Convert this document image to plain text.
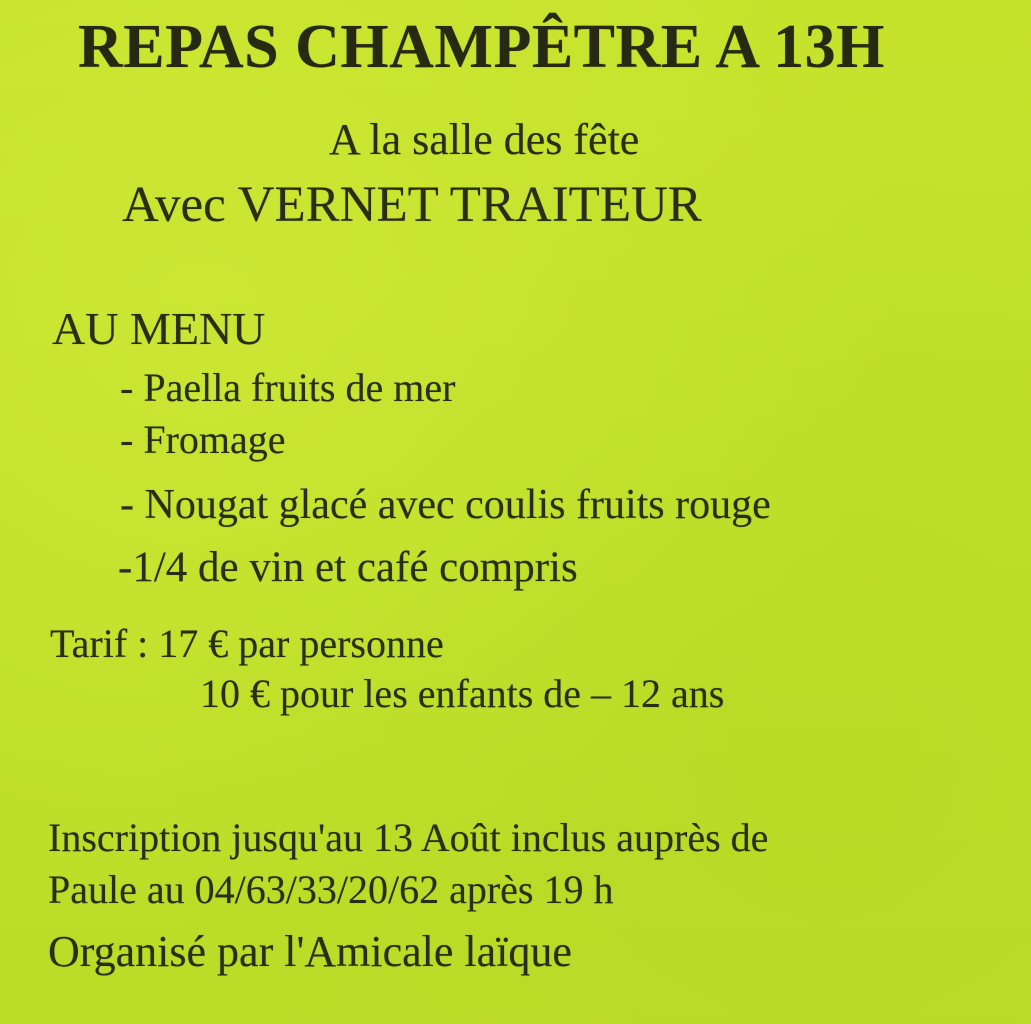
REPAS CHAMPÊTRE A 13H

A la salle des fête

Avec VERNET TRAITEUR

AU MENU

- Paella fruits de mer

- Fromage

- Nougat glacé avec coulis fruits rouge

-1/4 de vin et café compris

Tarif : 17 € par personne

10 € pour les enfants de – 12 ans

Inscription jusqu'au 13 Août inclus auprès de

Paule au 04/63/33/20/62 après 19 h

Organisé par l'Amicale laïque
